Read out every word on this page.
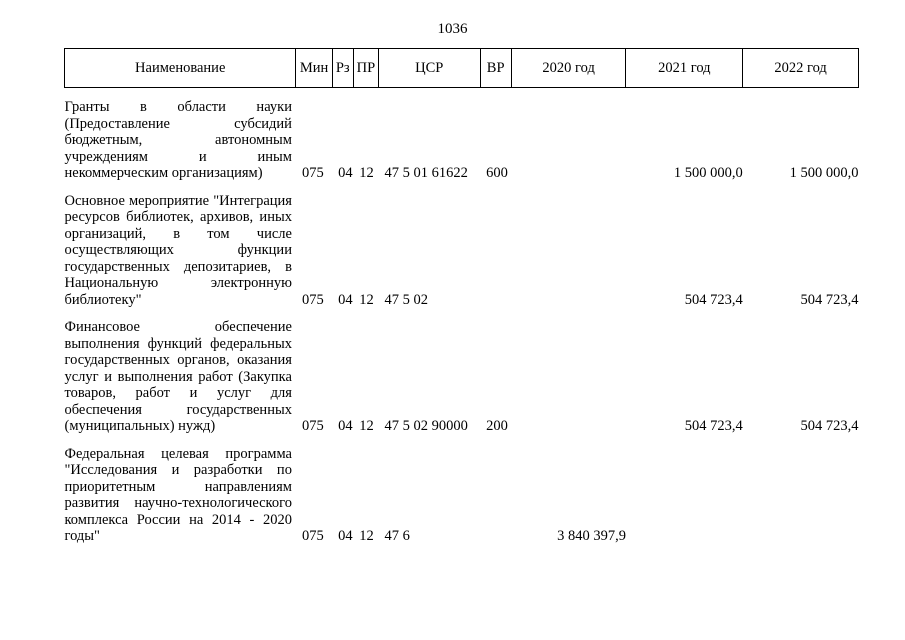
1036
Наименование	Мин	Рз	ПР	ЦСР	ВР	2020 год	2021 год	2022 год

Гранты в области науки (Предоставление субсидий бюджетным, автономным учреждениям и иным некоммерческим организациям)	075	04	12	47 5 01 61622	600		1 500 000,0	1 500 000,0

Основное мероприятие "Интеграция ресурсов библиотек, архивов, иных организаций, в том числе осуществляющих функции государственных депозитариев, в Национальную электронную библиотеку"	075	04	12	47 5 02			504 723,4	504 723,4

Финансовое обеспечение выполнения функций федеральных государственных органов, оказания услуг и выполнения работ (Закупка товаров, работ и услуг для обеспечения государственных (муниципальных) нужд)	075	04	12	47 5 02 90000	200		504 723,4	504 723,4

Федеральная целевая программа "Исследования и разработки по приоритетным направлениям развития научно-технологического комплекса России на 2014 - 2020 годы"	075	04	12	47 6		3 840 397,9		
